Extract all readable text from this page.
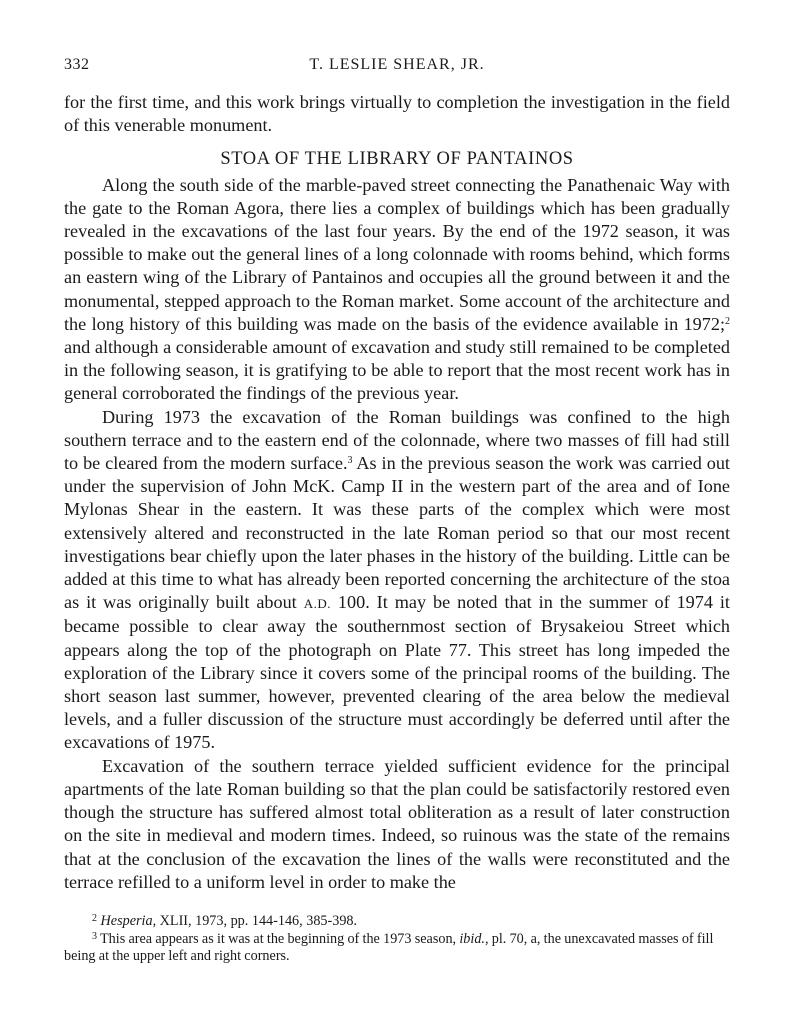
332	T. LESLIE SHEAR, JR.

for the first time, and this work brings virtually to completion the investigation in the field of this venerable monument.

STOA OF THE LIBRARY OF PANTAINOS

Along the south side of the marble-paved street connecting the Panathenaic Way with the gate to the Roman Agora, there lies a complex of buildings which has been gradually revealed in the excavations of the last four years. By the end of the 1972 season, it was possible to make out the general lines of a long colonnade with rooms behind, which forms an eastern wing of the Library of Pantainos and occupies all the ground between it and the monumental, stepped approach to the Roman market. Some account of the architecture and the long history of this building was made on the basis of the evidence available in 1972;$^2$ and although a considerable amount of excavation and study still remained to be completed in the following season, it is gratifying to be able to report that the most recent work has in general corroborated the findings of the previous year.

During 1973 the excavation of the Roman buildings was confined to the high southern terrace and to the eastern end of the colonnade, where two masses of fill had still to be cleared from the modern surface.$^3$ As in the previous season the work was carried out under the supervision of John McK. Camp II in the western part of the area and of Ione Mylonas Shear in the eastern. It was these parts of the complex which were most extensively altered and reconstructed in the late Roman period so that our most recent investigations bear chiefly upon the later phases in the history of the building. Little can be added at this time to what has already been reported concerning the architecture of the stoa as it was originally built about A.D. 100. It may be noted that in the summer of 1974 it became possible to clear away the southernmost section of Brysakeiou Street which appears along the top of the photograph on Plate 77. This street has long impeded the exploration of the Library since it covers some of the principal rooms of the building. The short season last summer, however, prevented clearing of the area below the medieval levels, and a fuller discussion of the structure must accordingly be deferred until after the excavations of 1975.

Excavation of the southern terrace yielded sufficient evidence for the principal apartments of the late Roman building so that the plan could be satisfactorily restored even though the structure has suffered almost total obliteration as a result of later construction on the site in medieval and modern times. Indeed, so ruinous was the state of the remains that at the conclusion of the excavation the lines of the walls were reconstituted and the terrace refilled to a uniform level in order to make the

$^2$ Hesperia, XLII, 1973, pp. 144-146, 385-398.

$^3$ This area appears as it was at the beginning of the 1973 season, ibid., pl. 70, a, the unexcavated masses of fill being at the upper left and right corners.
